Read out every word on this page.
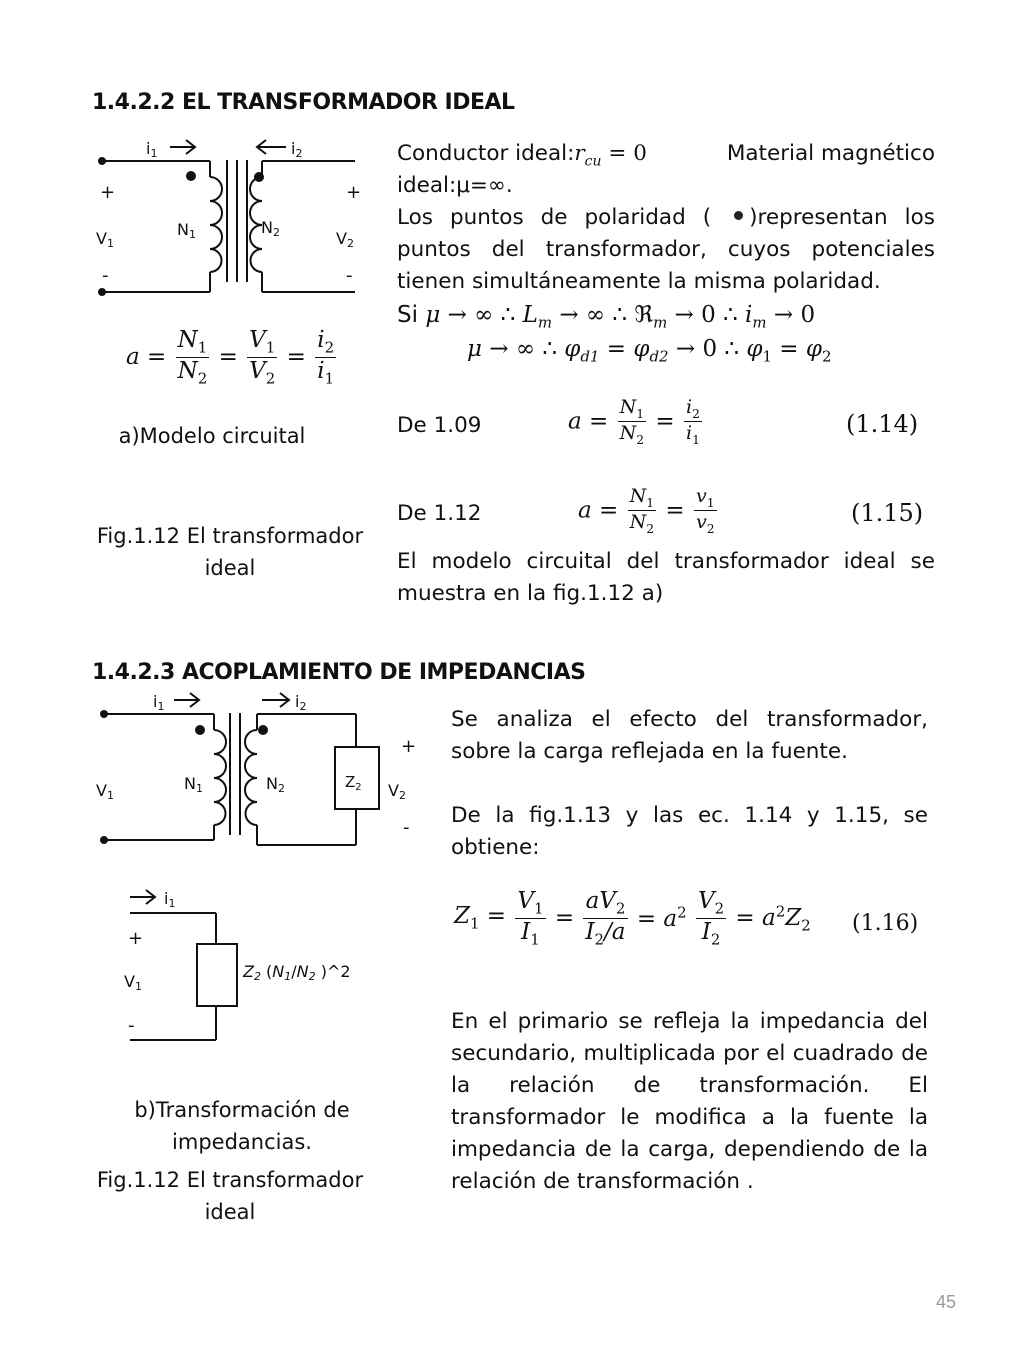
1.4.2.2 EL TRANSFORMADOR IDEAL
i1	i2
+	+
V1	V2
N1	N2
-	-
$a = \frac{N_1}{N_2} = \frac{V_1}{V_2} = \frac{i_2}{i_1}$
a)Modelo circuital
Fig.1.12 El transformador ideal
Conductor $ideal:r_{cu} = 0$	Material magnético
ideal:μ=∞.
Los puntos de polaridad ( )representan los puntos del transformador, cuyos potenciales tienen simultáneamente la misma polaridad.
Si μ → ∞ ∴ $L_m$ → ∞ ∴ ℜ$_m$ → 0 ∴ $i_m \to 0$
μ → ∞ ∴ $\varphi_{d1} = \varphi_{d2} \to 0$ ∴ $\varphi_1 = \varphi_2$
De 1.09	$a = \frac{N_1}{N_2} = \frac{i_2}{i_1}$	(1.14)
De 1.12	$a = \frac{N_1}{N_2} = \frac{v_1}{v_2}$	(1.15)
El modelo circuital del transformador ideal se muestra en la fig.1.12 a)
1.4.2.3 ACOPLAMIENTO DE IMPEDANCIAS
i1	i2
V1
N1	N2	$Z_2$
+
V2
-
i1
+
V1
-
Z2 (N1/N2 )^2
b)Transformación de impedancias.
Fig.1.12 El transformador ideal
Se analiza el efecto del transformador, sobre la carga reflejada en la fuente.
De la fig.1.13 y las ec. 1.14 y 1.15, se obtiene:
$Z_1 = \frac{V_1}{I_1} = \frac{aV_2}{I_2/a} = a^2 \frac{V_2}{I_2} = a^2Z_2$ (1.16)
En el primario se refleja la impedancia del secundario, multiplicada por el cuadrado de la relación de transformación. El transformador le modifica a la fuente la impedancia de la carga, dependiendo de la relación de transformación .
45
